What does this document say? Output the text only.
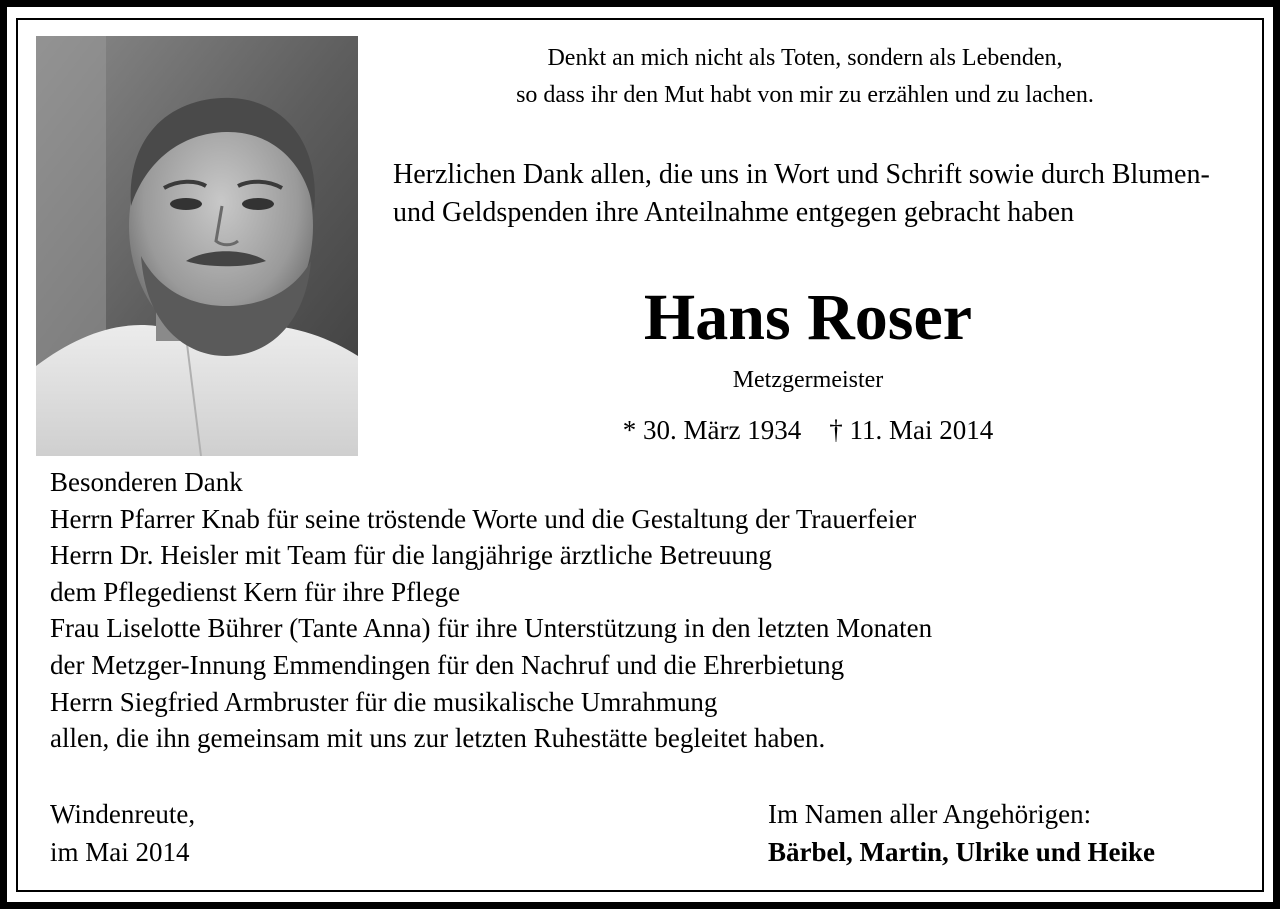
Denkt an mich nicht als Toten, sondern als Lebenden,
so dass ihr den Mut habt von mir zu erzählen und zu lachen.
Herzlichen Dank allen, die uns in Wort und Schrift sowie durch Blumen- und Geldspenden ihre Anteilnahme entgegen gebracht haben
Hans Roser
Metzgermeister
* 30. März 1934 † 11. Mai 2014
Besonderen Dank
Herrn Pfarrer Knab für seine tröstende Worte und die Gestaltung der Trauerfeier
Herrn Dr. Heisler mit Team für die langjährige ärztliche Betreuung
dem Pflegedienst Kern für ihre Pflege
Frau Liselotte Bührer (Tante Anna) für ihre Unterstützung in den letzten Monaten
der Metzger-Innung Emmendingen für den Nachruf und die Ehrerbietung
Herrn Siegfried Armbruster für die musikalische Umrahmung
allen, die ihn gemeinsam mit uns zur letzten Ruhestätte begleitet haben.
Windenreute,
im Mai 2014
Im Namen aller Angehörigen:
Bärbel, Martin, Ulrike und Heike
